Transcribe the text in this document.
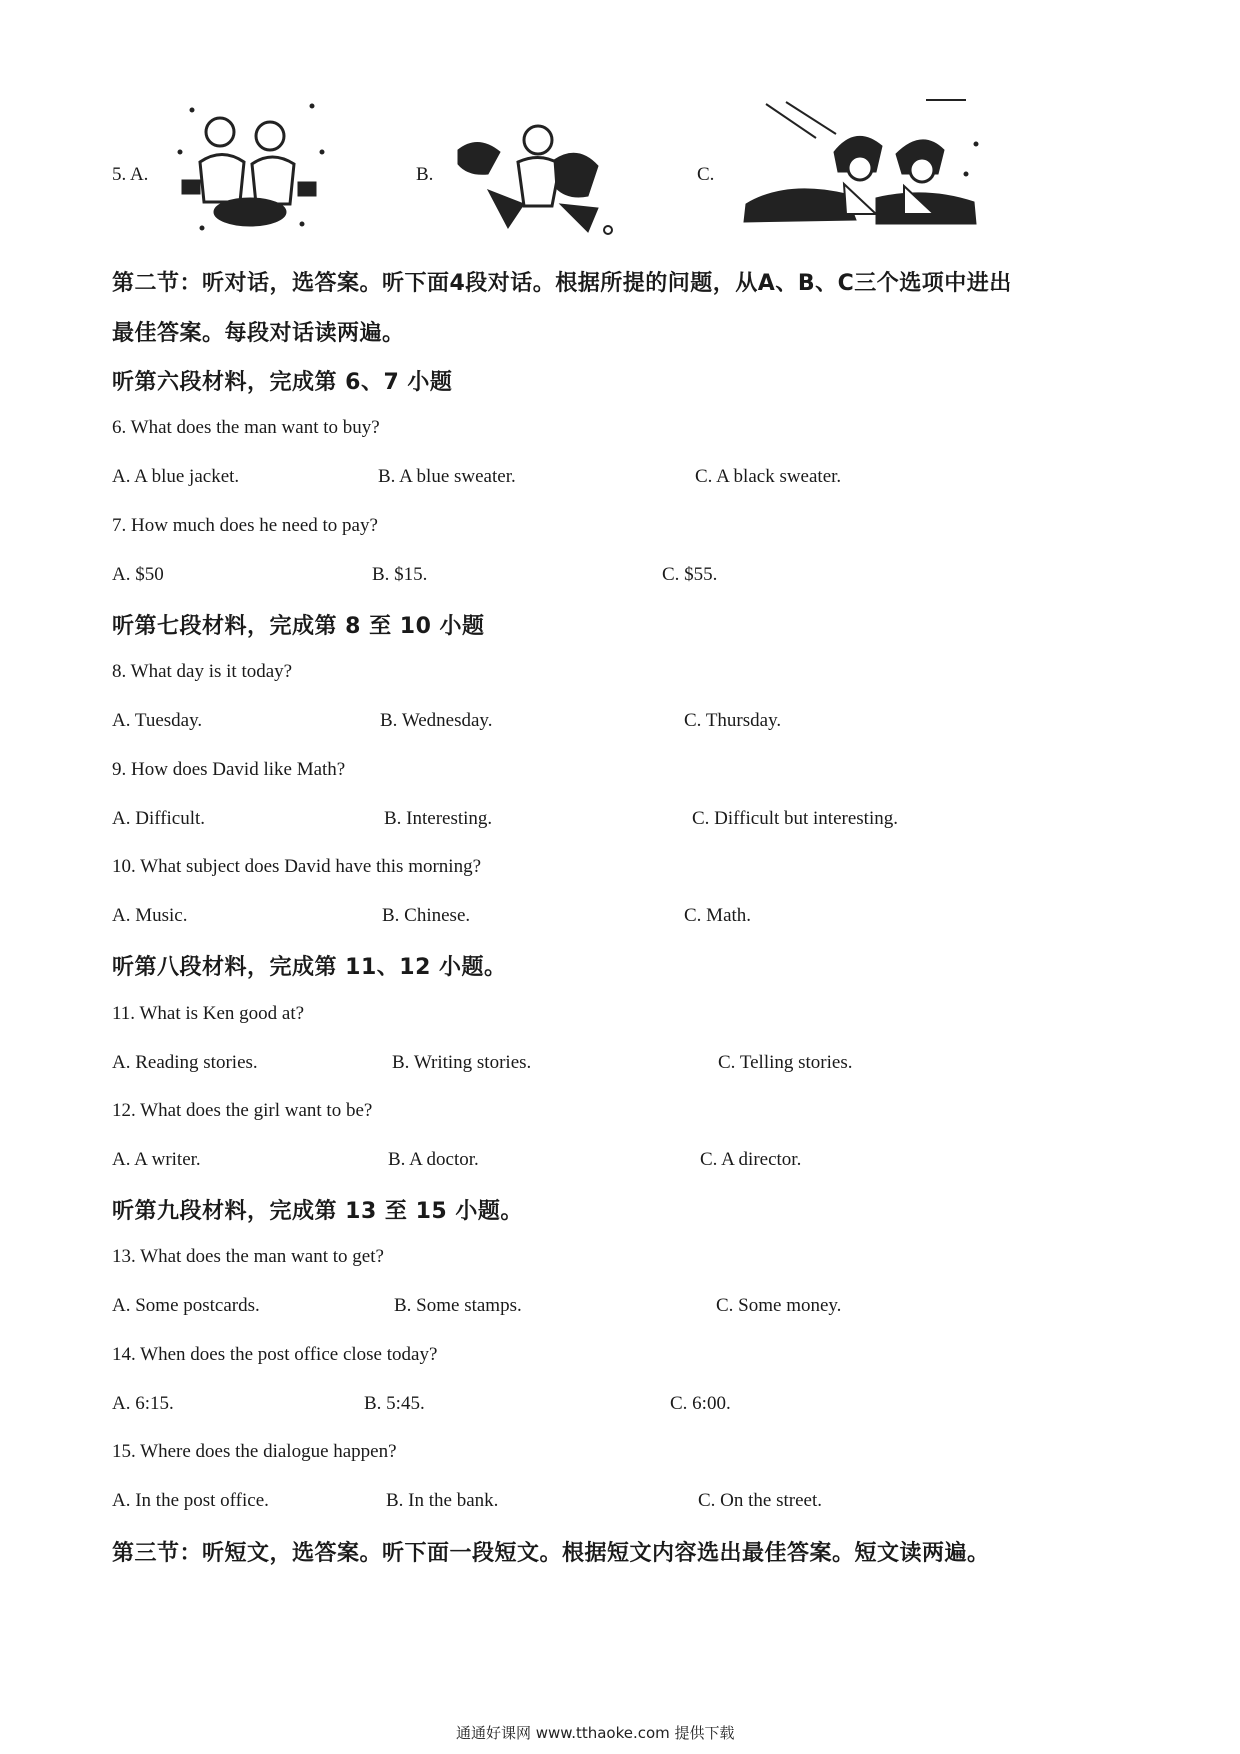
5. A.	B.	C.
第二节：听对话，选答案。听下面4段对话。根据所提的问题，从A、B、C三个选项中进出
最佳答案。每段对话读两遍。
听第六段材料，完成第 6、7 小题
6. What does the man want to buy?
A. A blue jacket.	B. A blue sweater.	C. A black sweater.
7. How much does he need to pay?
A. $50	B. $15.	C. $55.
听第七段材料，完成第 8 至 10 小题
8. What day is it today?
A. Tuesday.	B. Wednesday.	C. Thursday.
9. How does David like Math?
A. Difficult.	B. Interesting.	C. Difficult but interesting.
10. What subject does David have this morning?
A. Music.	B. Chinese.	C. Math.
听第八段材料，完成第 11、12 小题。
11. What is Ken good at?
A. Reading stories.	B. Writing stories.	C. Telling stories.
12. What does the girl want to be?
A. A writer.	B. A doctor.	C. A director.
听第九段材料，完成第 13 至 15 小题。
13. What does the man want to get?
A. Some postcards.	B. Some stamps.	C. Some money.
14. When does the post office close today?
A. 6:15.	B. 5:45.	C. 6:00.
15. Where does the dialogue happen?
A. In the post office.	B. In the bank.	C. On the street.
第三节：听短文，选答案。听下面一段短文。根据短文内容选出最佳答案。短文读两遍。
通通好课网 www.tthaoke.com 提供下载
